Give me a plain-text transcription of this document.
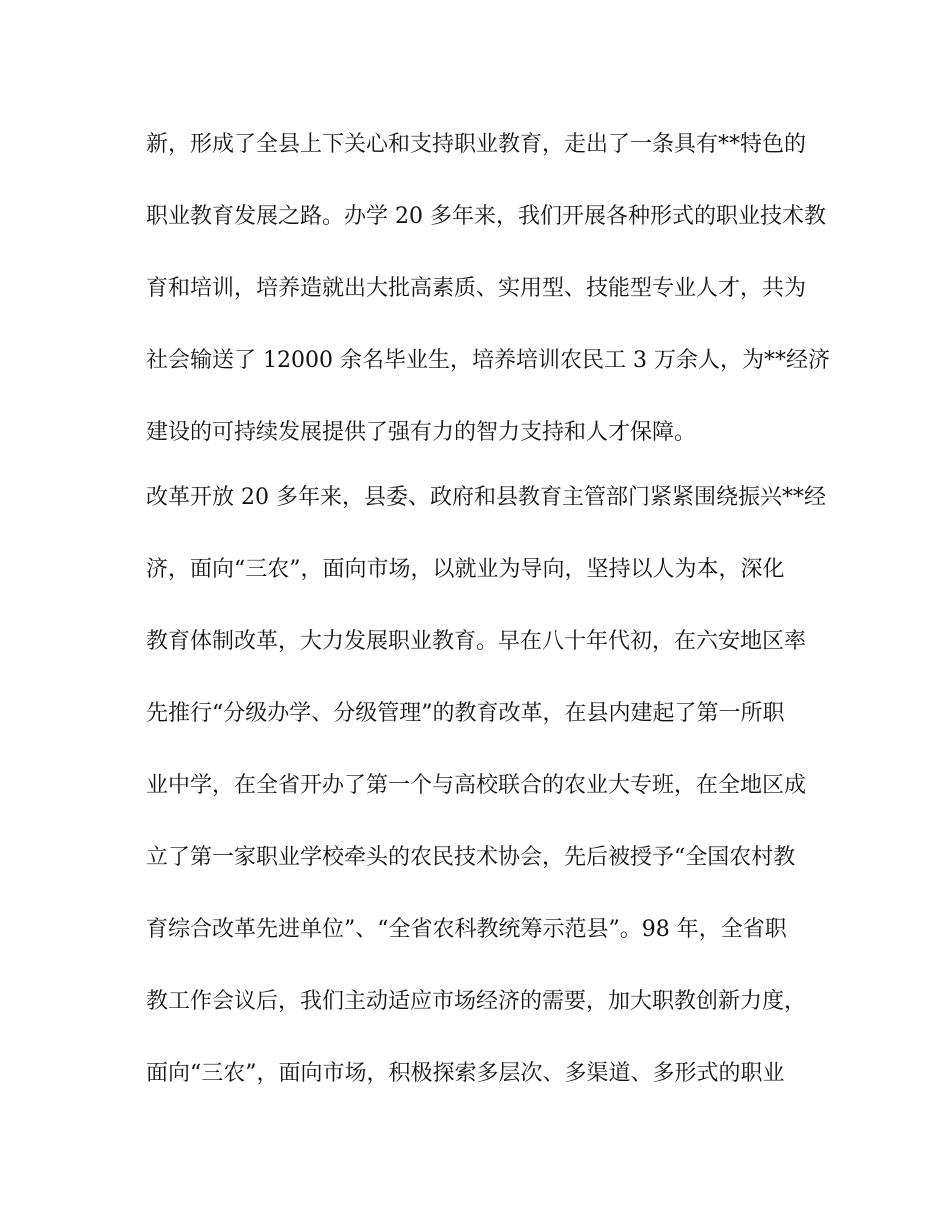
新，形成了全县上下关心和支持职业教育，走出了一条具有**特色的
职业教育发展之路。办学 20 多年来，我们开展各种形式的职业技术教
育和培训，培养造就出大批高素质、实用型、技能型专业人才，共为
社会输送了 12000 余名毕业生，培养培训农民工 3 万余人，为**经济
建设的可持续发展提供了强有力的智力支持和人才保障。
改革开放 20 多年来，县委、政府和县教育主管部门紧紧围绕振兴**经
济，面向“三农”，面向市场，以就业为导向，坚持以人为本，深化
教育体制改革，大力发展职业教育。早在八十年代初，在六安地区率
先推行“分级办学、分级管理”的教育改革，在县内建起了第一所职
业中学，在全省开办了第一个与高校联合的农业大专班，在全地区成
立了第一家职业学校牵头的农民技术协会，先后被授予“全国农村教
育综合改革先进单位”、“全省农科教统筹示范县”。98 年，全省职
教工作会议后，我们主动适应市场经济的需要，加大职教创新力度，
面向“三农”，面向市场，积极探索多层次、多渠道、多形式的职业
